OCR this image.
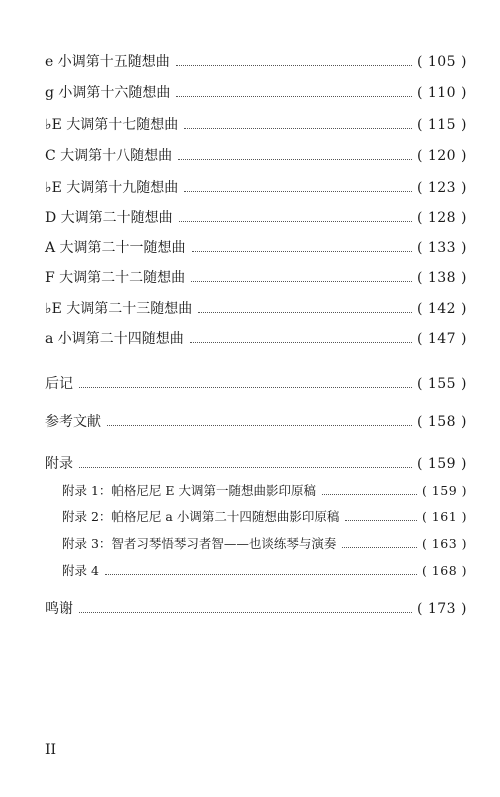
e 小调第十五随想曲	( 105 )
g 小调第十六随想曲	( 110 )
♭E 大调第十七随想曲	( 115 )
C 大调第十八随想曲	( 120 )
♭E 大调第十九随想曲	( 123 )
D 大调第二十随想曲	( 128 )
A 大调第二十一随想曲	( 133 )
F 大调第二十二随想曲	( 138 )
♭E 大调第二十三随想曲	( 142 )
a 小调第二十四随想曲	( 147 )
后记	( 155 )
参考文献	( 158 )
附录	( 159 )
附录 1：帕格尼尼 E 大调第一随想曲影印原稿	( 159 )
附录 2：帕格尼尼 a 小调第二十四随想曲影印原稿	( 161 )
附录 3：智者习琴悟琴习者智——也谈练琴与演奏	( 163 )
附录 4	( 168 )
鸣谢	( 173 )
II
